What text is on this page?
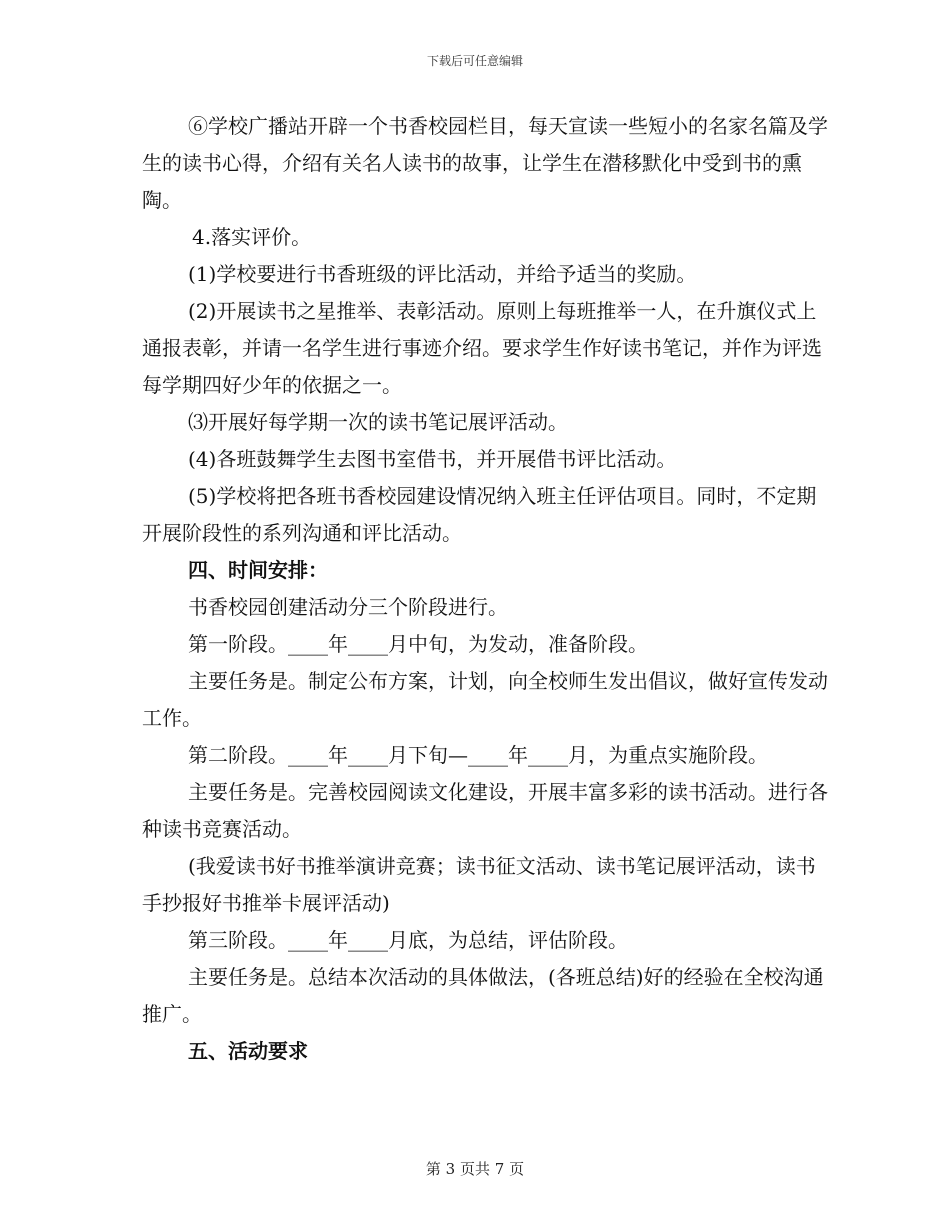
下载后可任意编辑

⑥学校广播站开辟一个书香校园栏目，每天宣读一些短小的名家名篇及学生的读书心得，介绍有关名人读书的故事，让学生在潜移默化中受到书的熏陶。

4.落实评价。

(1)学校要进行书香班级的评比活动，并给予适当的奖励。

(2)开展读书之星推举、表彰活动。原则上每班推举一人，在升旗仪式上通报表彰，并请一名学生进行事迹介绍。要求学生作好读书笔记，并作为评选每学期四好少年的依据之一。

⑶开展好每学期一次的读书笔记展评活动。

(4)各班鼓舞学生去图书室借书，并开展借书评比活动。

(5)学校将把各班书香校园建设情况纳入班主任评估项目。同时，不定期开展阶段性的系列沟通和评比活动。

四、时间安排：

书香校园创建活动分三个阶段进行。

第一阶段。____年____月中旬，为发动，准备阶段。

主要任务是。制定公布方案，计划，向全校师生发出倡议，做好宣传发动工作。

第二阶段。____年____月下旬—____年____月，为重点实施阶段。

主要任务是。完善校园阅读文化建设，开展丰富多彩的读书活动。进行各种读书竞赛活动。

(我爱读书好书推举演讲竞赛；读书征文活动、读书笔记展评活动，读书手抄报好书推举卡展评活动)

第三阶段。____年____月底，为总结，评估阶段。

主要任务是。总结本次活动的具体做法，(各班总结)好的经验在全校沟通推广。

五、活动要求

第 3 页共 7 页
